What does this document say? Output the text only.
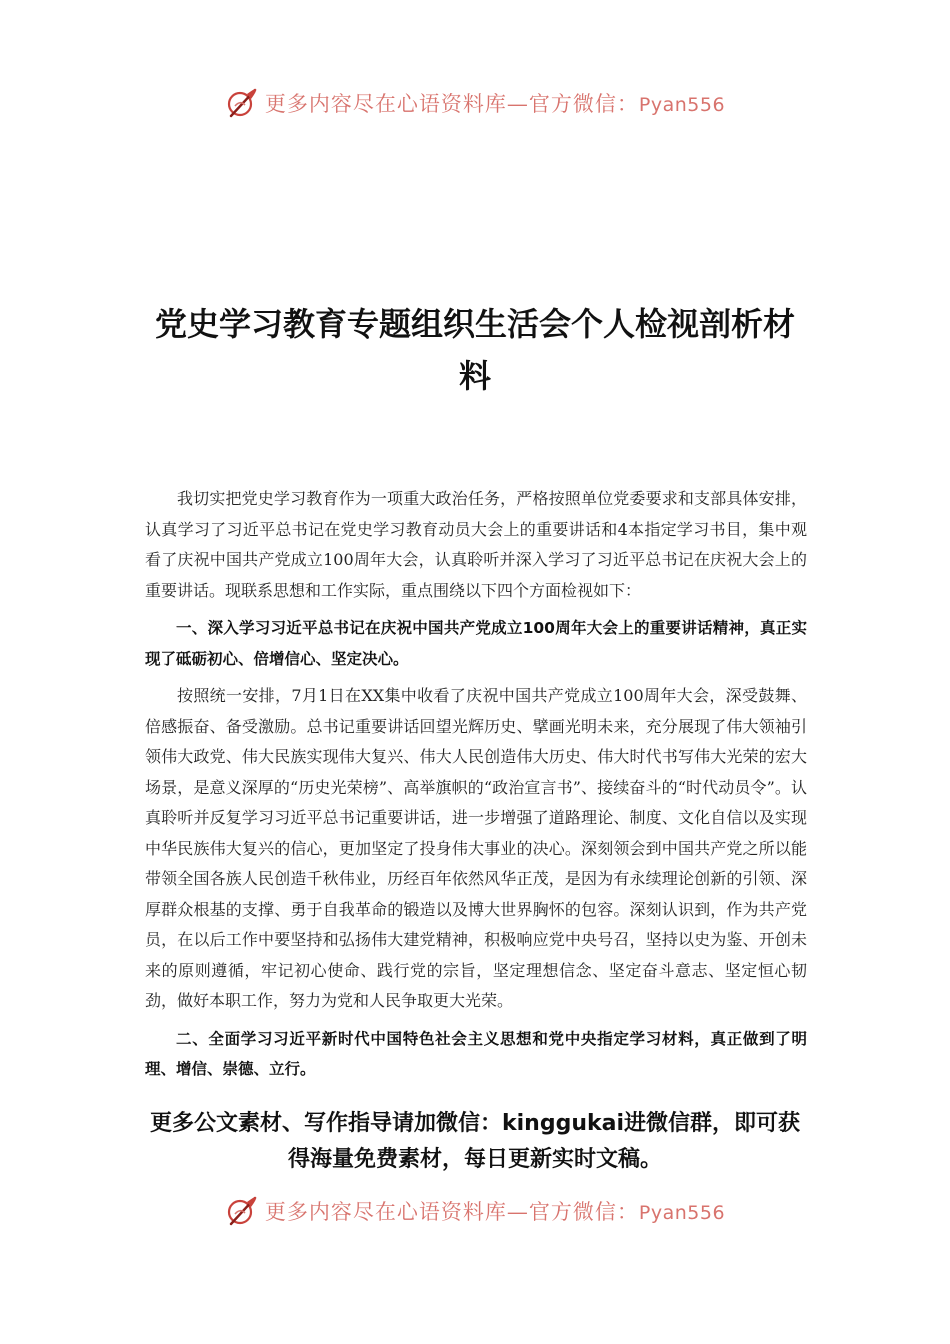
更多内容尽在心语资料库—官方微信：Pyan556
党史学习教育专题组织生活会个人检视剖析材料

我切实把党史学习教育作为一项重大政治任务，严格按照单位党委要求和支部具体安排，认真学习了习近平总书记在党史学习教育动员大会上的重要讲话和4本指定学习书目，集中观看了庆祝中国共产党成立100周年大会，认真聆听并深入学习了习近平总书记在庆祝大会上的重要讲话。现联系思想和工作实际，重点围绕以下四个方面检视如下：

一、深入学习习近平总书记在庆祝中国共产党成立100周年大会上的重要讲话精神，真正实现了砥砺初心、倍增信心、坚定决心。

按照统一安排，7月1日在XX集中收看了庆祝中国共产党成立100周年大会，深受鼓舞、倍感振奋、备受激励。总书记重要讲话回望光辉历史、擘画光明未来，充分展现了伟大领袖引领伟大政党、伟大民族实现伟大复兴、伟大人民创造伟大历史、伟大时代书写伟大光荣的宏大场景，是意义深厚的“历史光荣榜”、高举旗帜的“政治宣言书”、接续奋斗的“时代动员令”。认真聆听并反复学习习近平总书记重要讲话，进一步增强了道路理论、制度、文化自信以及实现中华民族伟大复兴的信心，更加坚定了投身伟大事业的决心。深刻领会到中国共产党之所以能带领全国各族人民创造千秋伟业，历经百年依然风华正茂，是因为有永续理论创新的引领、深厚群众根基的支撑、勇于自我革命的锻造以及博大世界胸怀的包容。深刻认识到，作为共产党员，在以后工作中要坚持和弘扬伟大建党精神，积极响应党中央号召，坚持以史为鉴、开创未来的原则遵循，牢记初心使命、践行党的宗旨，坚定理想信念、坚定奋斗意志、坚定恒心韧劲，做好本职工作，努力为党和人民争取更大光荣。

二、全面学习习近平新时代中国特色社会主义思想和党中央指定学习材料，真正做到了明理、增信、崇德、立行。

更多公文素材、写作指导请加微信：kinggukai进微信群，即可获得海量免费素材，每日更新实时文稿。

更多内容尽在心语资料库—官方微信：Pyan556
